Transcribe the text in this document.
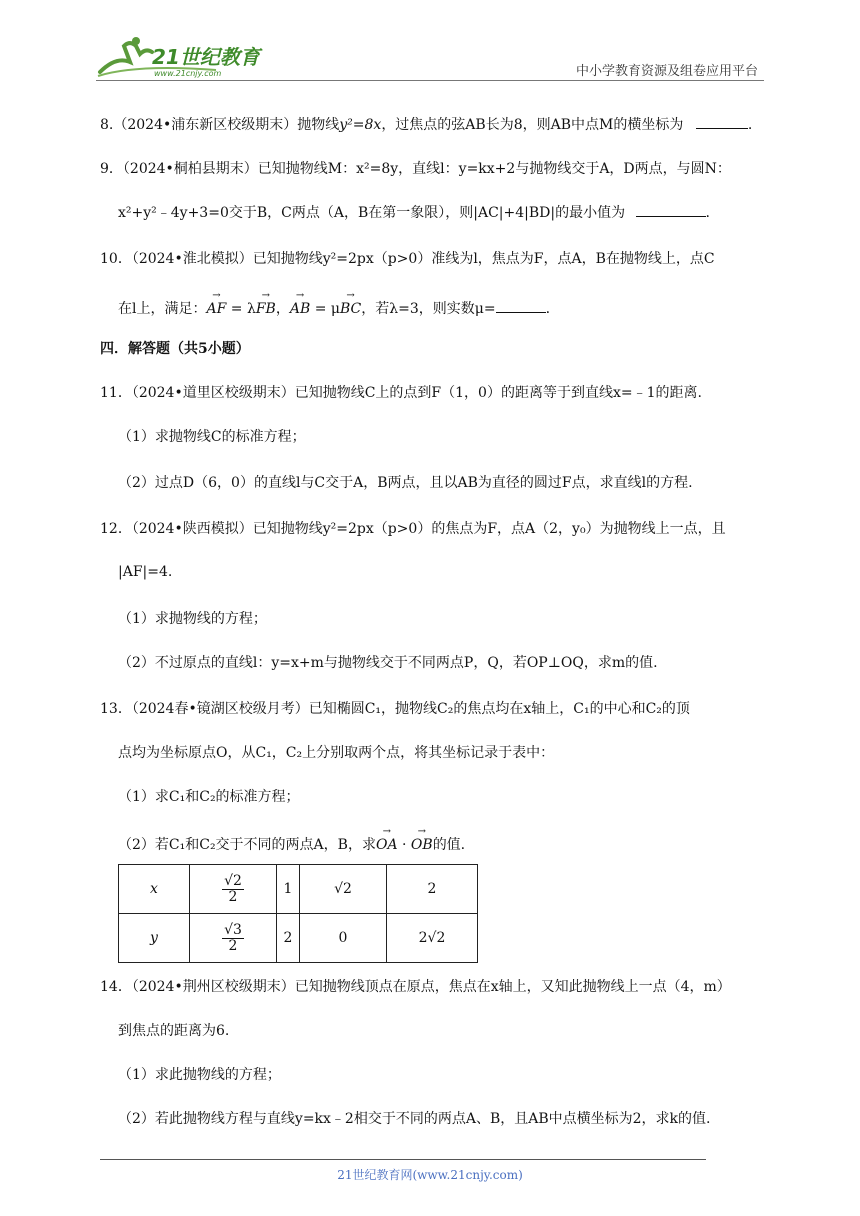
21世纪教育
www.21cnjy.com	中小学教育资源及组卷应用平台
8.（2024•浦东新区校级期末）抛物线y²=8x，过焦点的弦AB长为8，则AB中点M的横坐标为	.
9．（2024•桐柏县期末）已知抛物线M：x²=8y，直线l：y=kx+2与抛物线交于A，D两点，与圆N：
x²+y²﹣4y+3=0交于B，C两点（A，B在第一象限），则|AC|+4|BD|的最小值为	.
10．（2024•淮北模拟）已知抛物线y²=2px（p>0）准线为l，焦点为F，点A，B在抛物线上，点C
在l上，满足：→ AF = λ→ FB，→ AB = μ→ BC，若λ=3，则实数μ=	.
四．解答题（共5小题）
11．（2024•道里区校级期末）已知抛物线C上的点到F（1，0）的距离等于到直线x=﹣1的距离.
（1）求抛物线C的标准方程；
（2）过点D（6，0）的直线l与C交于A，B两点，且以AB为直径的圆过F点，求直线l的方程.
12．（2024•陕西模拟）已知抛物线y²=2px（p>0）的焦点为F，点A（2，y₀）为抛物线上一点，且
|AF|=4.
（1）求抛物线的方程；
（2）不过原点的直线l：y=x+m与抛物线交于不同两点P，Q，若OP⊥OQ，求m的值.
13．（2024春•镜湖区校级月考）已知椭圆C₁，抛物线C₂的焦点均在x轴上，C₁的中心和C₂的顶
点均为坐标原点O，从C₁，C₂上分别取两个点，将其坐标记录于表中：
（1）求C₁和C₂的标准方程；
（2）若C₁和C₂交于不同的两点A，B，求→ OA · → OB的值.
x	$\frac{√2}{2}$	1	√2	2
y	$\frac{√3}{2}$	2	0	2√2
14．（2024•荆州区校级期末）已知抛物线顶点在原点，焦点在x轴上，又知此抛物线上一点（4，m）
到焦点的距离为6.
（1）求此抛物线的方程；
（2）若此抛物线方程与直线y=kx﹣2相交于不同的两点A、B，且AB中点横坐标为2，求k的值.
21世纪教育网(www.21cnjy.com)
